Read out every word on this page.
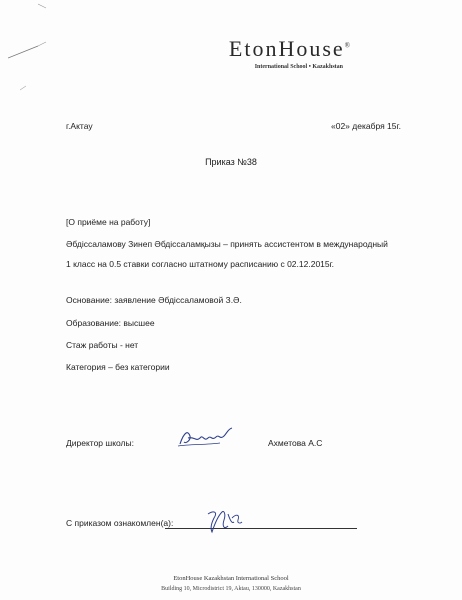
EtonHouse®
International School • Kazakhstan
г.Актау	«02» декабря 15г.
Приказ №38
[О приёме на работу]
Әбдіссаламову Зинеп Әбдіссаламқызы – принять ассистентом в международный
1 класс на 0.5 ставки согласно штатному расписанию с 02.12.2015г.
Основание: заявление Әбдіссаламовой З.Ә.
Образование: высшее
Стаж работы - нет
Категория – без категории
Директор школы:	Ахметова А.С
С приказом ознакомлен(а):
EtonHouse Kazakhstan International School
Building 10, Microdistrict 19, Aktau, 130000, Kazakhstan
